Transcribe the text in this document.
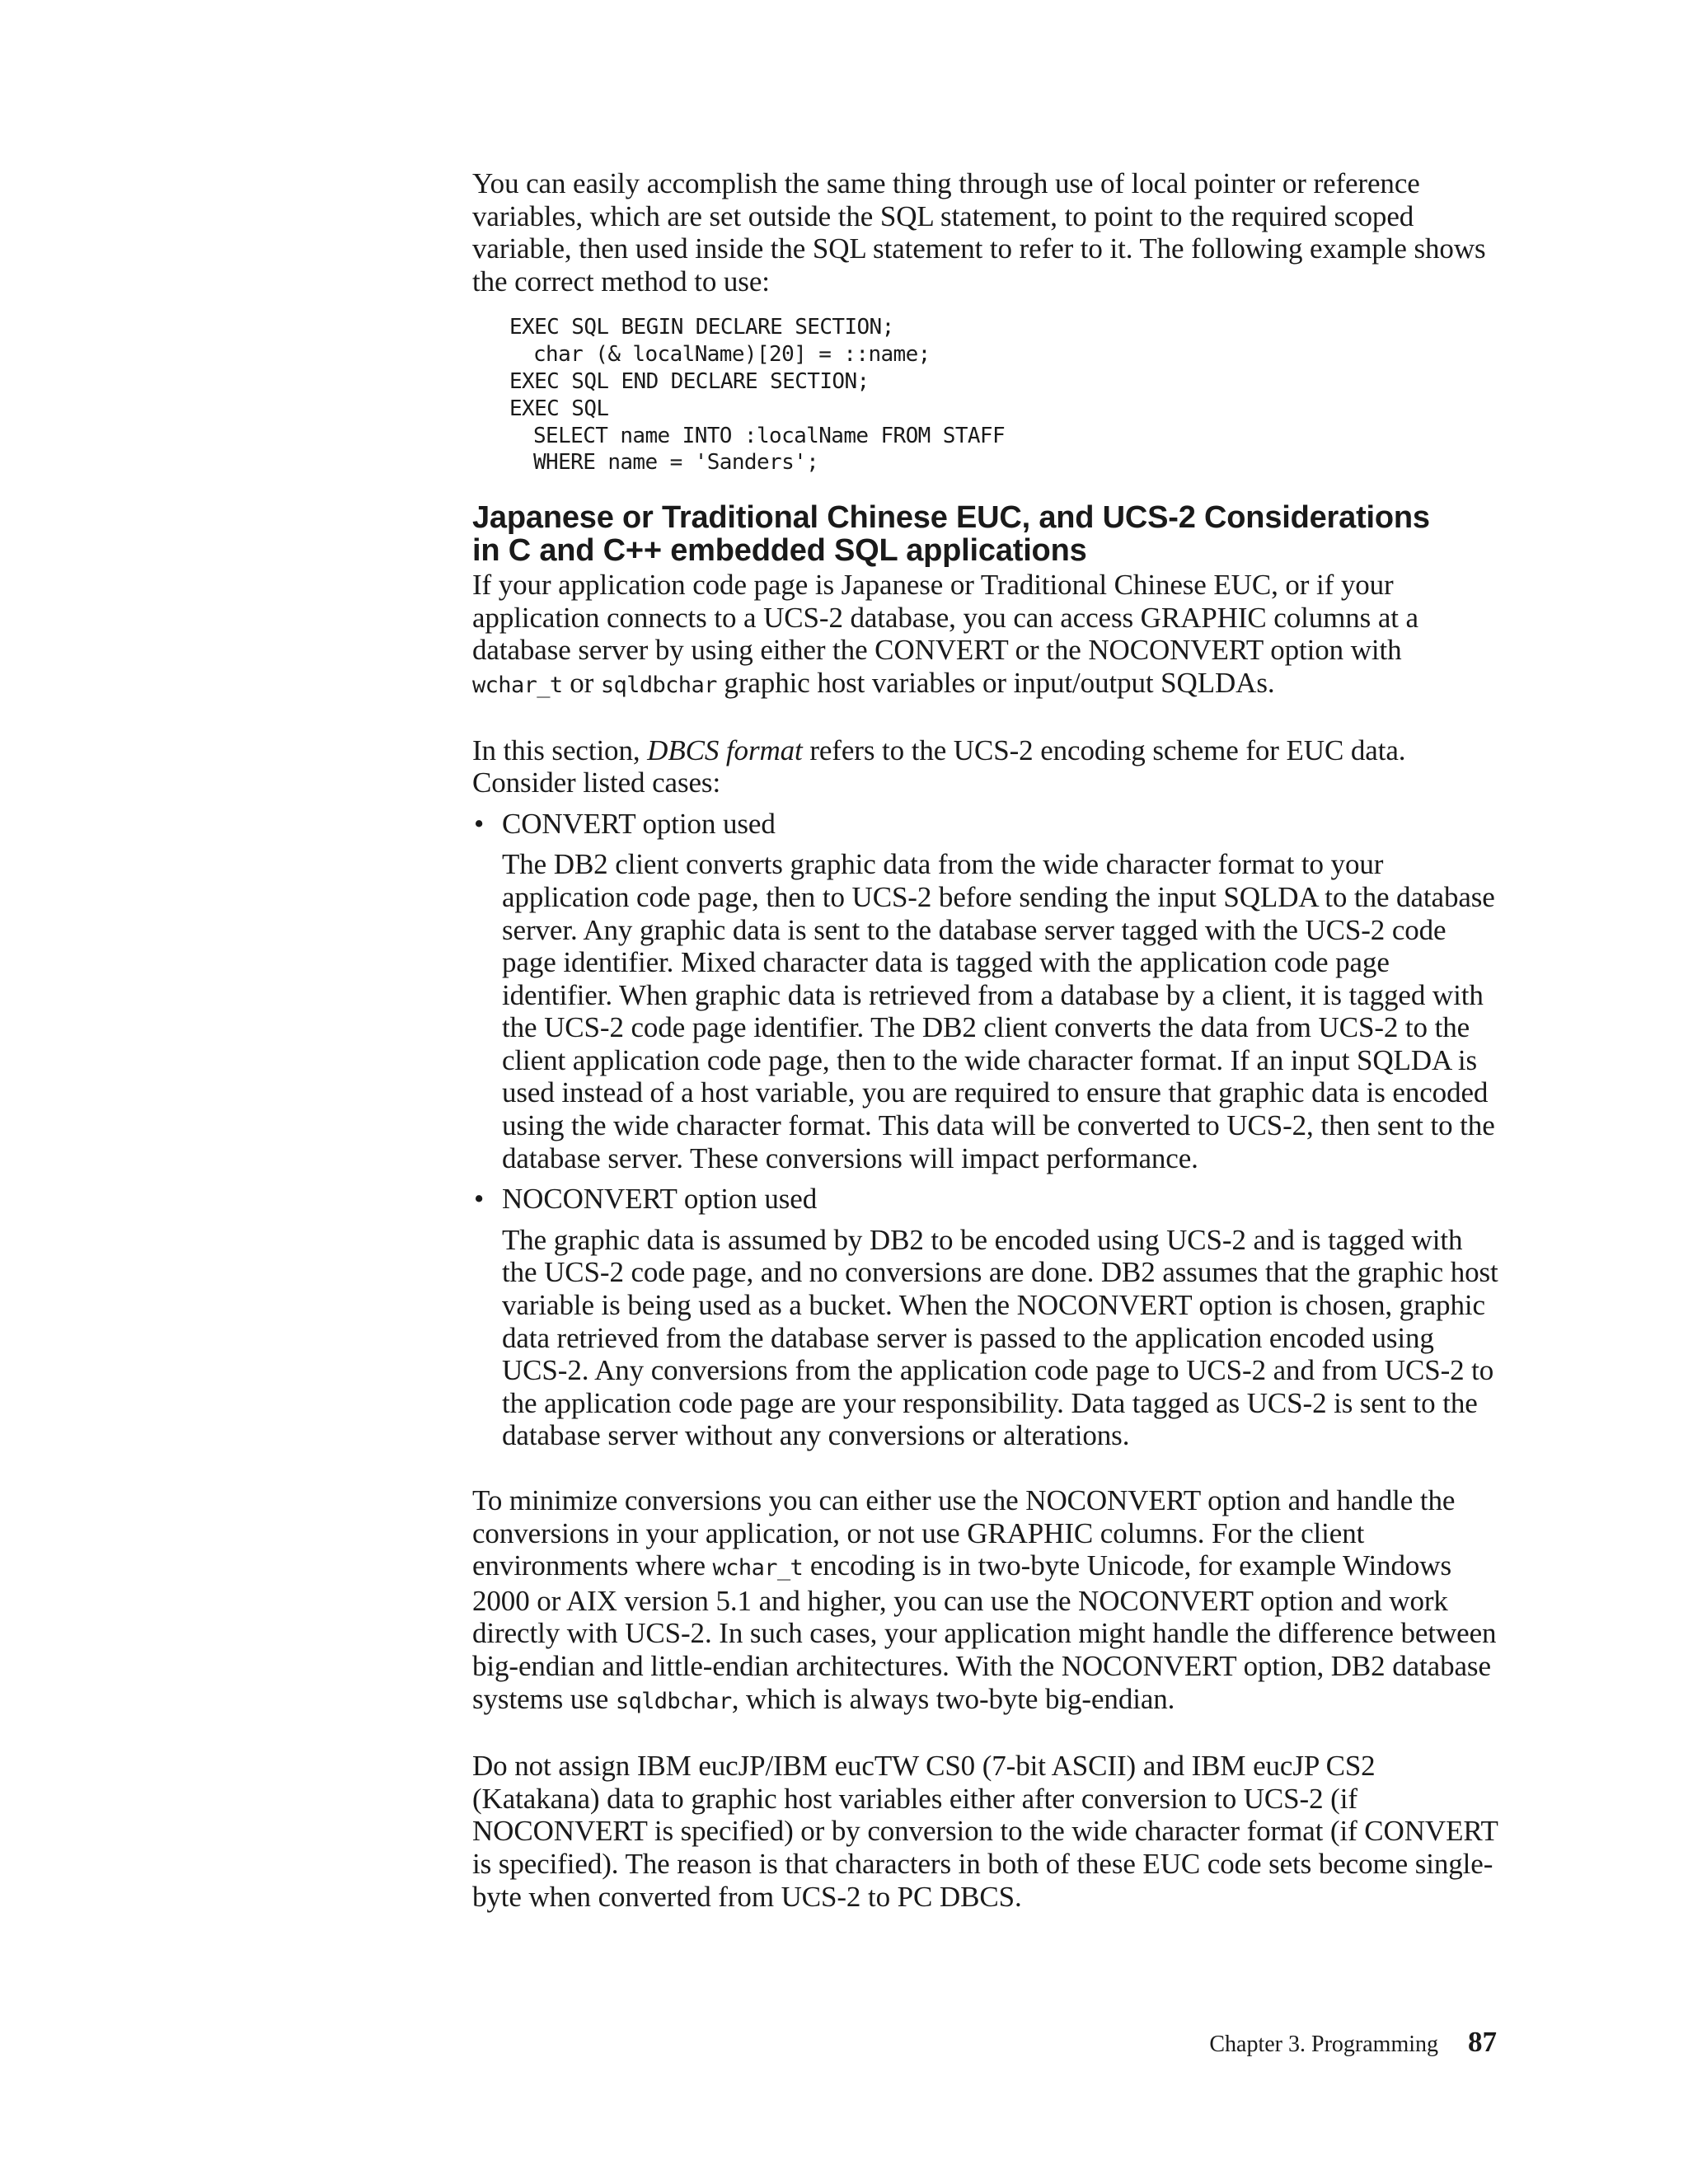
You can easily accomplish the same thing through use of local pointer or reference variables, which are set outside the SQL statement, to point to the required scoped variable, then used inside the SQL statement to refer to it. The following example shows the correct method to use:

EXEC SQL BEGIN DECLARE SECTION;
char (& localName)[20] = ::name;
EXEC SQL END DECLARE SECTION;
EXEC SQL
SELECT name INTO :localName FROM STAFF
WHERE name = 'Sanders';
Japanese or Traditional Chinese EUC, and UCS-2 Considerations
in C and C++ embedded SQL applications

If your application code page is Japanese or Traditional Chinese EUC, or if your application connects to a UCS-2 database, you can access GRAPHIC columns at a database server by using either the CONVERT or the NOCONVERT option with wchar_t or sqldbchar graphic host variables or input/output SQLDAs.

In this section, DBCS format refers to the UCS-2 encoding scheme for EUC data. Consider listed cases:

• CONVERT option used

The DB2 client converts graphic data from the wide character format to your application code page, then to UCS-2 before sending the input SQLDA to the database server. Any graphic data is sent to the database server tagged with the UCS-2 code page identifier. Mixed character data is tagged with the application code page identifier. When graphic data is retrieved from a database by a client, it is tagged with the UCS-2 code page identifier. The DB2 client converts the data from UCS-2 to the client application code page, then to the wide character format. If an input SQLDA is used instead of a host variable, you are required to ensure that graphic data is encoded using the wide character format. This data will be converted to UCS-2, then sent to the database server. These conversions will impact performance.

• NOCONVERT option used

The graphic data is assumed by DB2 to be encoded using UCS-2 and is tagged with the UCS-2 code page, and no conversions are done. DB2 assumes that the graphic host variable is being used as a bucket. When the NOCONVERT option is chosen, graphic data retrieved from the database server is passed to the application encoded using UCS-2. Any conversions from the application code page to UCS-2 and from UCS-2 to the application code page are your responsibility. Data tagged as UCS-2 is sent to the database server without any conversions or alterations.

To minimize conversions you can either use the NOCONVERT option and handle the conversions in your application, or not use GRAPHIC columns. For the client environments where wchar_t encoding is in two-byte Unicode, for example Windows 2000 or AIX version 5.1 and higher, you can use the NOCONVERT option and work directly with UCS-2. In such cases, your application might handle the difference between big-endian and little-endian architectures. With the NOCONVERT option, DB2 database systems use sqldbchar, which is always two-byte big-endian.

Do not assign IBM eucJP/IBM eucTW CS0 (7-bit ASCII) and IBM eucJP CS2 (Katakana) data to graphic host variables either after conversion to UCS-2 (if NOCONVERT is specified) or by conversion to the wide character format (if CONVERT is specified). The reason is that characters in both of these EUC code sets become single-byte when converted from UCS-2 to PC DBCS.

Chapter 3. Programming 87
